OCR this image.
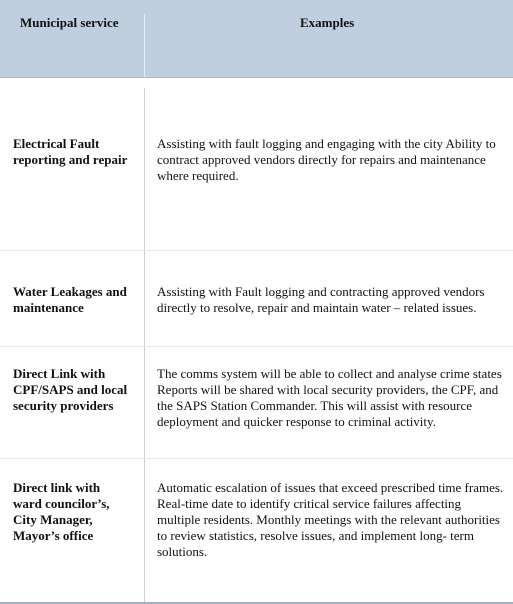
Municipal service	Examples
Electrical Fault reporting and repair
Assisting with fault logging and engaging with the city Ability to contract approved vendors directly for repairs and maintenance where required.
Water Leakages and maintenance
Assisting with Fault logging and contracting approved vendors directly to resolve, repair and maintain water – related issues.
Direct Link with CPF/SAPS and local security providers
The comms system will be able to collect and analyse crime states Reports will be shared with local security providers, the CPF, and the SAPS Station Commander. This will assist with resource deployment and quicker response to criminal activity.
Direct link with ward councilor’s, City Manager, Mayor’s office
Automatic escalation of issues that exceed prescribed time frames. Real-time date to identify critical service failures affecting multiple residents. Monthly meetings with the relevant authorities to review statistics, resolve issues, and implement long- term solutions.
